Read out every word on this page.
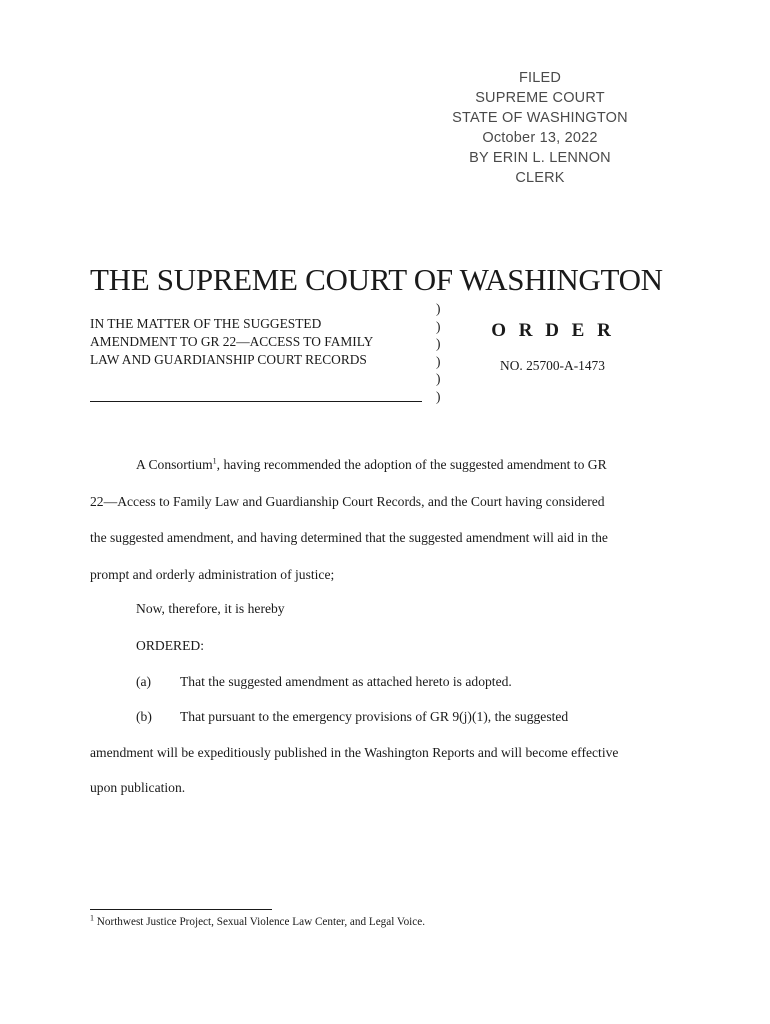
FILED
SUPREME COURT
STATE OF WASHINGTON
October 13, 2022
BY ERIN L. LENNON
CLERK
THE SUPREME COURT OF WASHINGTON
IN THE MATTER OF THE SUGGESTED
AMENDMENT TO GR 22—ACCESS TO FAMILY
LAW AND GUARDIANSHIP COURT RECORDS
)
)
)
)
)
)
O R D E R
NO. 25700-A-1473
A Consortium$^1$, having recommended the adoption of the suggested amendment to GR
22—Access to Family Law and Guardianship Court Records, and the Court having considered
the suggested amendment, and having determined that the suggested amendment will aid in the
prompt and orderly administration of justice;
Now, therefore, it is hereby
ORDERED:
(a) That the suggested amendment as attached hereto is adopted.
(b) That pursuant to the emergency provisions of GR 9(j)(1), the suggested
amendment will be expeditiously published in the Washington Reports and will become effective
upon publication.
$^1$ Northwest Justice Project, Sexual Violence Law Center, and Legal Voice.
